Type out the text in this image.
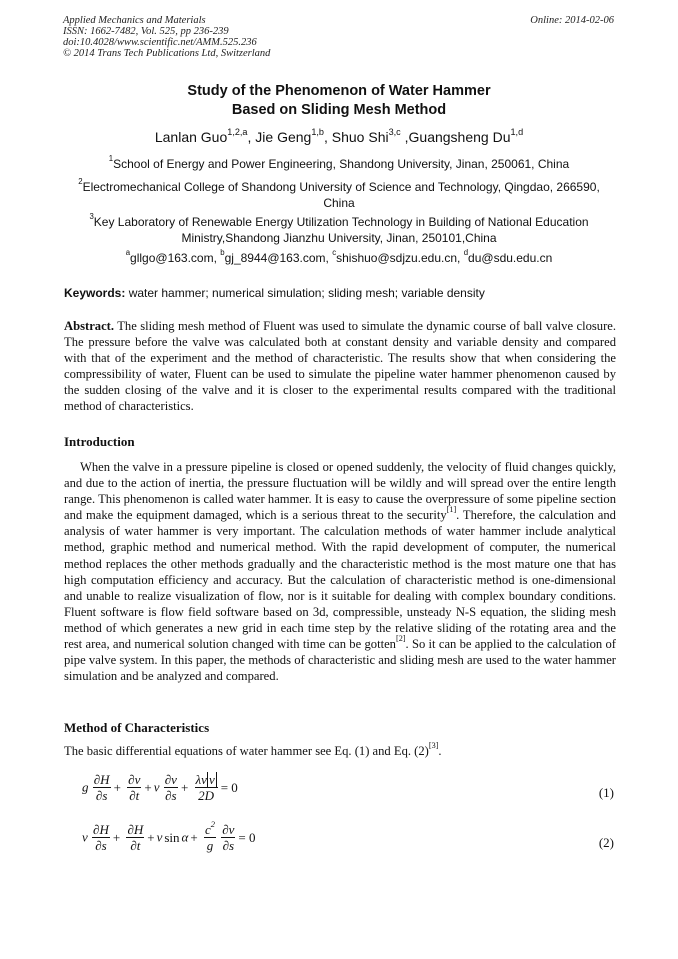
Applied Mechanics and Materials
ISSN: 1662-7482, Vol. 525, pp 236-239
doi:10.4028/www.scientific.net/AMM.525.236
© 2014 Trans Tech Publications Ltd, Switzerland
Online: 2014-02-06
Study of the Phenomenon of Water Hammer
Based on Sliding Mesh Method
Lanlan Guo$^{1,2,a}$, Jie Geng$^{1,b}$, Shuo Shi$^{3,c}$ ,Guangsheng Du$^{1,d}$
$^1$School of Energy and Power Engineering, Shandong University, Jinan, 250061, China
$^2$Electromechanical College of Shandong University of Science and Technology, Qingdao, 266590,
China
$^3$Key Laboratory of Renewable Energy Utilization Technology in Building of National Education
Ministry,Shandong Jianzhu University, Jinan, 250101,China
$^a$gllgo@163.com, $^b$gj_8944@163.com, $^c$shishuo@sdjzu.edu.cn, $^d$du@sdu.edu.cn
Keywords: water hammer; numerical simulation; sliding mesh; variable density
Abstract. The sliding mesh method of Fluent was used to simulate the dynamic course of ball valve closure. The pressure before the valve was calculated both at constant density and variable density and compared with that of the experiment and the method of characteristic. The results show that when considering the compressibility of water, Fluent can be used to simulate the pipeline water hammer phenomenon caused by the sudden closing of the valve and it is closer to the experimental results compared with the traditional method of characteristics.
Introduction
When the valve in a pressure pipeline is closed or opened suddenly, the velocity of fluid changes quickly, and due to the action of inertia, the pressure fluctuation will be wildly and will spread over the entire length range. This phenomenon is called water hammer. It is easy to cause the overpressure of some pipeline section and make the equipment damaged, which is a serious threat to the security[1]. Therefore, the calculation and analysis of water hammer is very important. The calculation methods of water hammer include analytical method, graphic method and numerical method. With the rapid development of computer, the numerical method replaces the other methods gradually and the characteristic method is the most mature one that has high computation efficiency and accuracy. But the calculation of characteristic method is one-dimensional and unable to realize visualization of flow, nor is it suitable for dealing with complex boundary conditions. Fluent software is flow field software based on 3d, compressible, unsteady N-S equation, the sliding mesh method of which generates a new grid in each time step by the relative sliding of the rotating area and the rest area, and numerical solution changed with time can be gotten[2]. So it can be applied to the calculation of pipe valve system. In this paper, the methods of characteristic and sliding mesh are used to the water hammer simulation and be analyzed and compared.
Method of Characteristics
The basic differential equations of water hammer see Eq. (1) and Eq. (2)[3].
g $\frac{\partial H}{\partial s} + \frac{\partial v}{\partial t} + v \frac{\partial v}{\partial s} + \frac{\text{λv v}}{2D} = 0$	(1)
v $\frac{\partial H}{\partial s} + \frac{\partial H}{\partial t} + v$ $\sin \alpha + \frac{c^2}{g}$
$\frac{\partial v}{\partial s} = 0$	(2)
